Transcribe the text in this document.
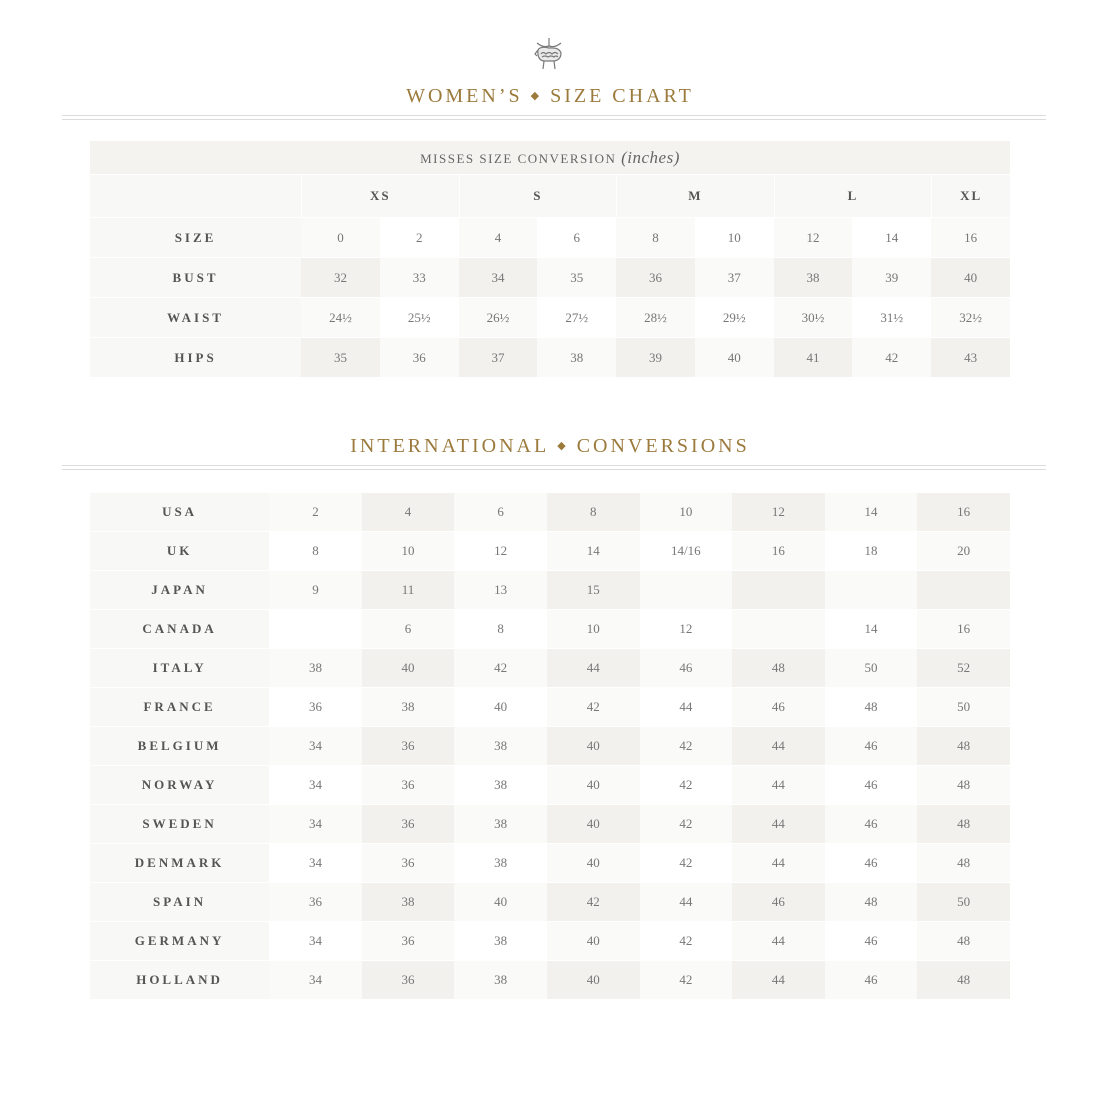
WOMEN’S ◆ SIZE CHART
MISSES SIZE CONVERSION (inches)									
	XS		S		M		L		XL
SIZE	0	2	4	6	8	10	12	14	16
BUST	32	33	34	35	36	37	38	39	40
WAIST	24½	25½	26½	27½	28½	29½	30½	31½	32½
HIPS	35	36	37	38	39	40	41	42	43
INTERNATIONAL ◆ CONVERSIONS
USA	2	4	6	8	10	12	14	16
UK	8	10	12	14	14/16	16	18	20
JAPAN	9	11	13	15				
CANADA		6	8	10	12		14	16
ITALY	38	40	42	44	46	48	50	52
FRANCE	36	38	40	42	44	46	48	50
BELGIUM	34	36	38	40	42	44	46	48
NORWAY	34	36	38	40	42	44	46	48
SWEDEN	34	36	38	40	42	44	46	48
DENMARK	34	36	38	40	42	44	46	48
SPAIN	36	38	40	42	44	46	48	50
GERMANY	34	36	38	40	42	44	46	48
HOLLAND	34	36	38	40	42	44	46	48
